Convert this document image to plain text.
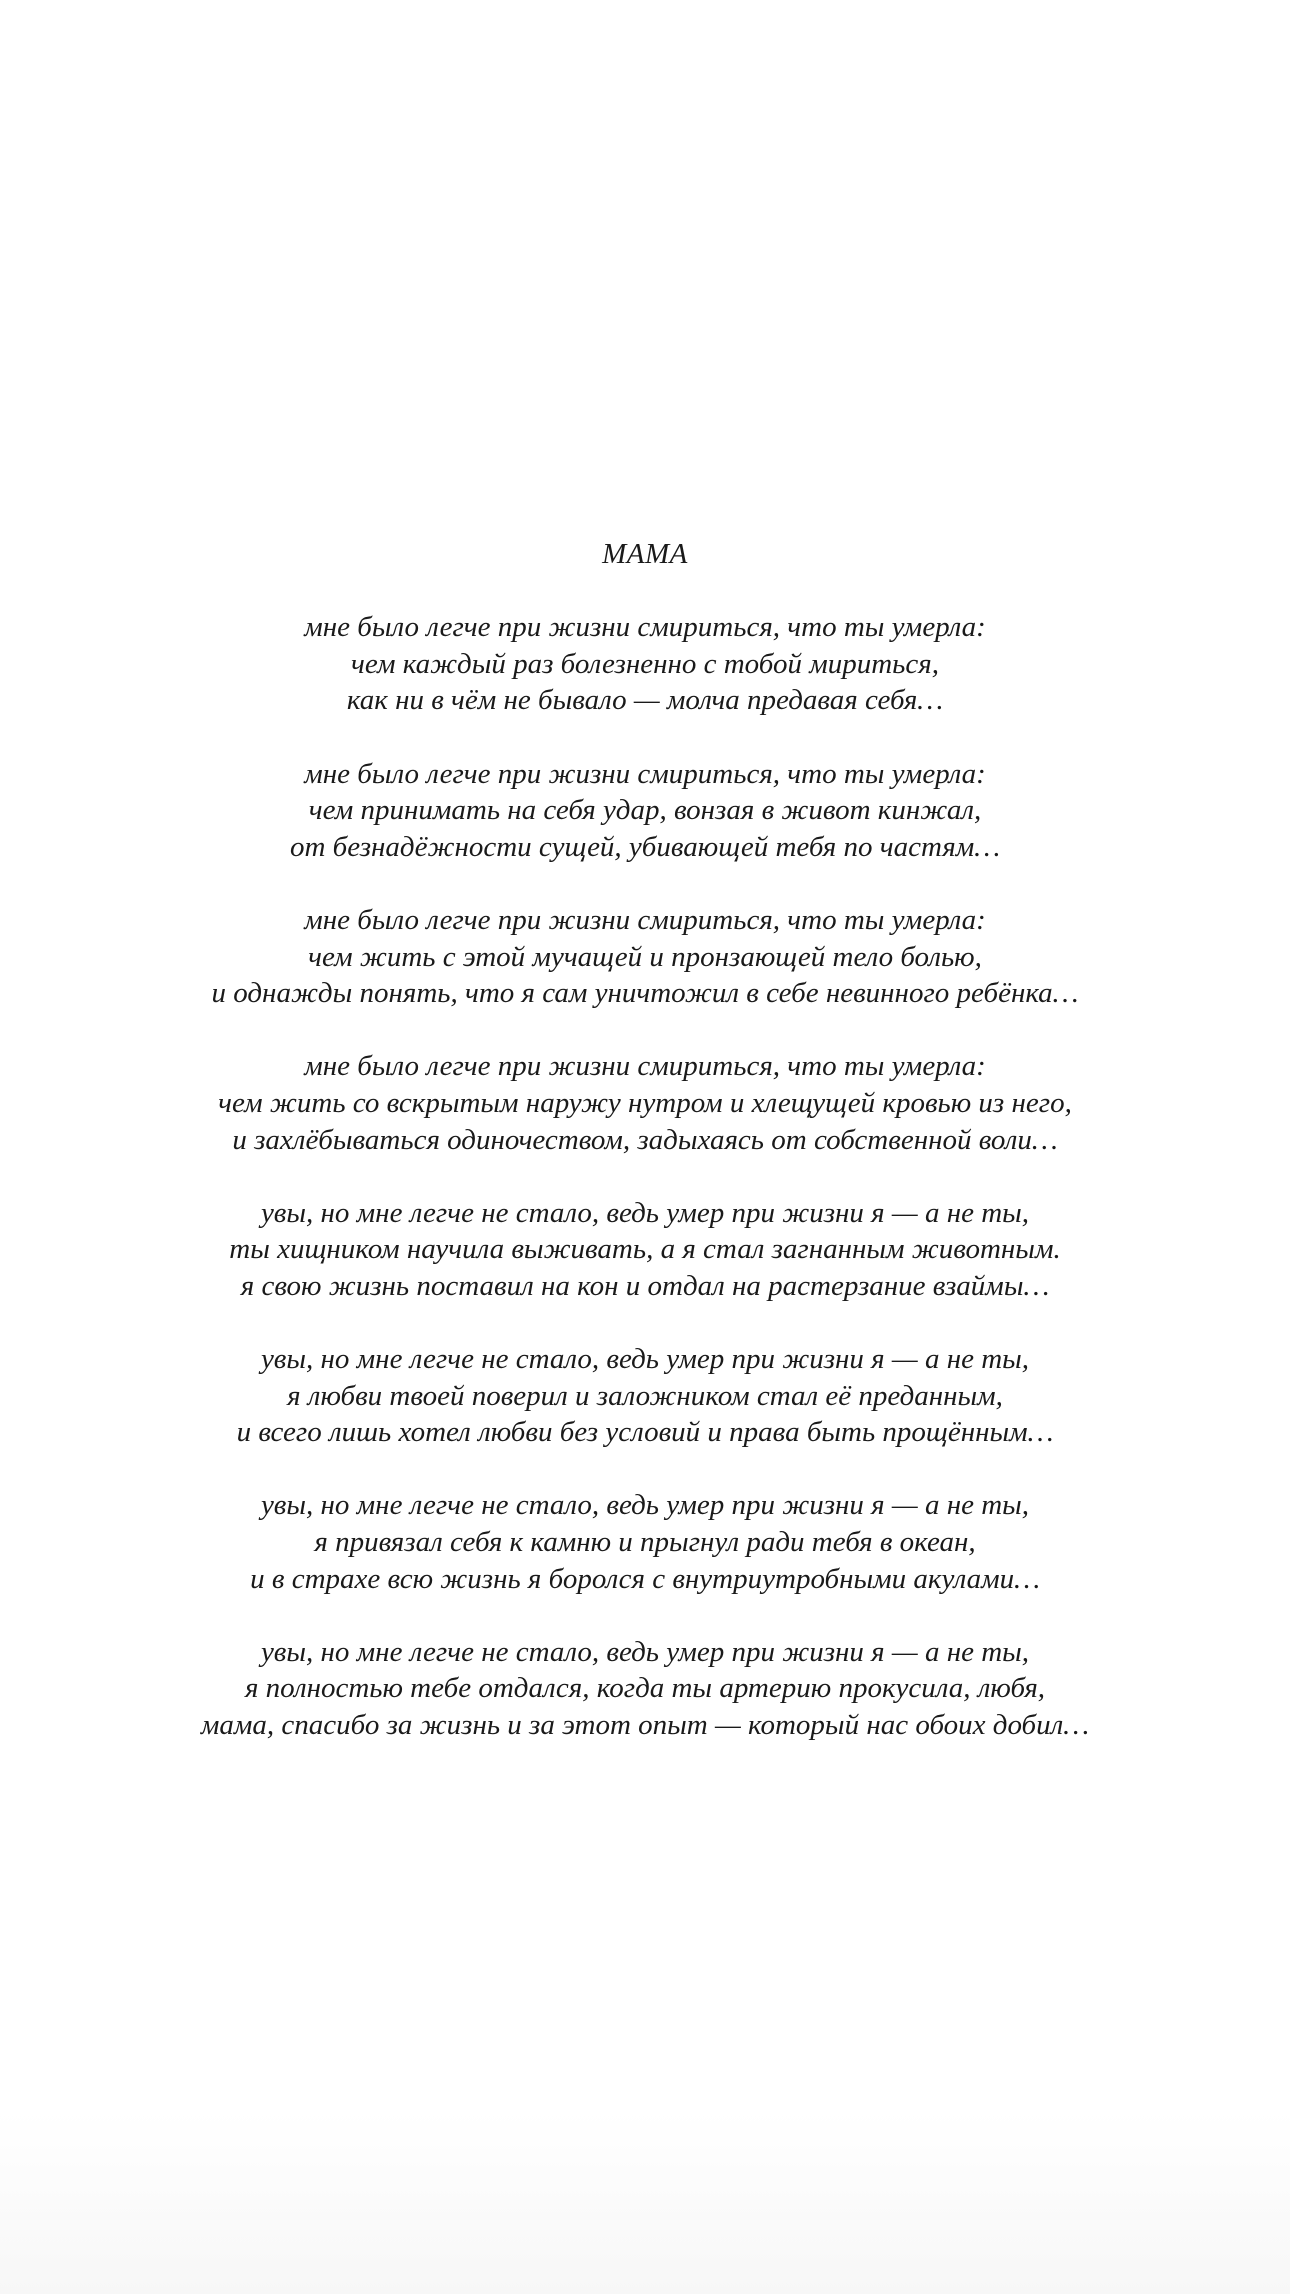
МАМА
мне было легче при жизни смириться, что ты умерла:
чем каждый раз болезненно с тобой мириться,
как ни в чём не бывало — молча предавая себя…
мне было легче при жизни смириться, что ты умерла:
чем принимать на себя удар, вонзая в живот кинжал,
от безнадёжности сущей, убивающей тебя по частям…
мне было легче при жизни смириться, что ты умерла:
чем жить с этой мучащей и пронзающей тело болью,
и однажды понять, что я сам уничтожил в себе невинного ребёнка…
мне было легче при жизни смириться, что ты умерла:
чем жить со вскрытым наружу нутром и хлещущей кровью из него,
и захлёбываться одиночеством, задыхаясь от собственной воли…
увы, но мне легче не стало, ведь умер при жизни я — а не ты,
ты хищником научила выживать, а я стал загнанным животным.
я свою жизнь поставил на кон и отдал на растерзание взаймы…
увы, но мне легче не стало, ведь умер при жизни я — а не ты,
я любви твоей поверил и заложником стал её преданным,
и всего лишь хотел любви без условий и права быть прощённым…
увы, но мне легче не стало, ведь умер при жизни я — а не ты,
я привязал себя к камню и прыгнул ради тебя в океан,
и в страхе всю жизнь я боролся с внутриутробными акулами…
увы, но мне легче не стало, ведь умер при жизни я — а не ты,
я полностью тебе отдался, когда ты артерию прокусила, любя,
мама, спасибо за жизнь и за этот опыт — который нас обоих добил…
